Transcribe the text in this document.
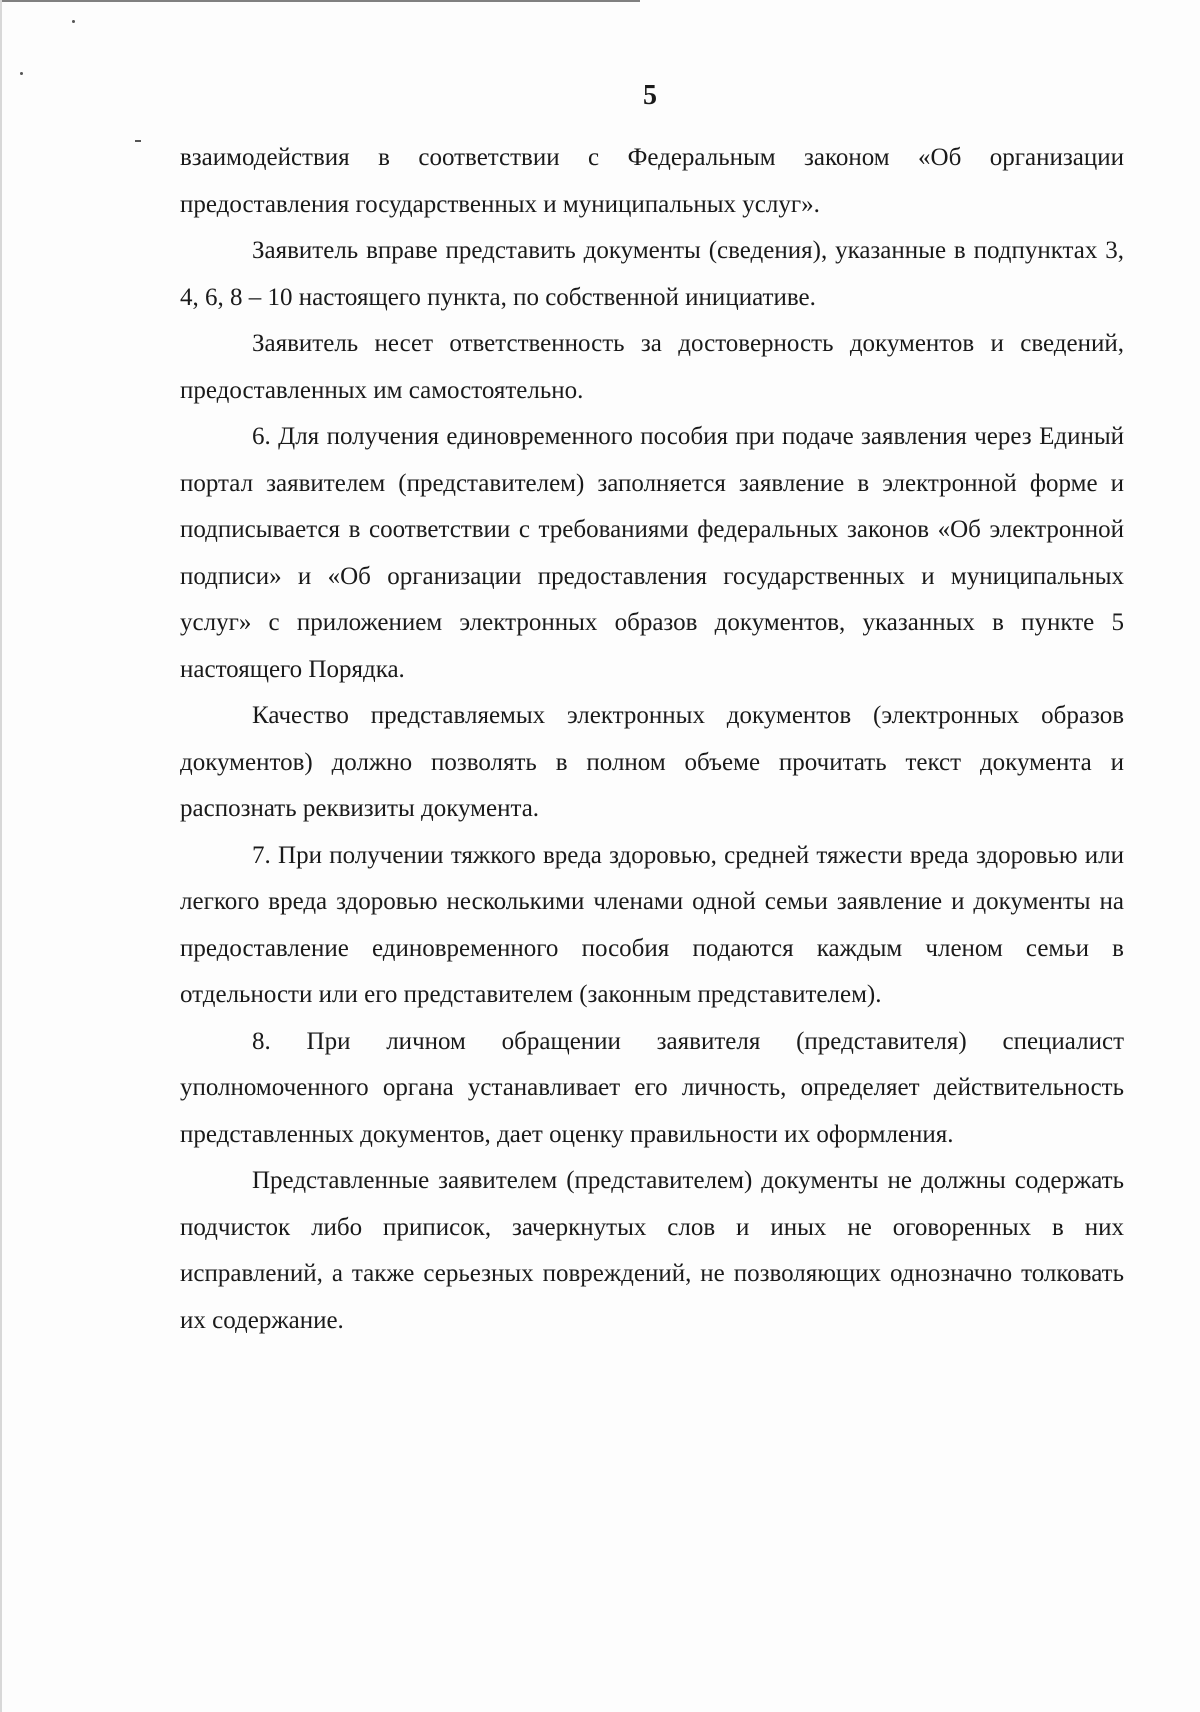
5

взаимодействия в соответствии с Федеральным законом «Об организации предоставления государственных и муниципальных услуг».

Заявитель вправе представить документы (сведения), указанные в подпунктах 3, 4, 6, 8 – 10 настоящего пункта, по собственной инициативе.

Заявитель несет ответственность за достоверность документов и сведений, предоставленных им самостоятельно.

6. Для получения единовременного пособия при подаче заявления через Единый портал заявителем (представителем) заполняется заявление в электронной форме и подписывается в соответствии с требованиями федеральных законов «Об электронной подписи» и «Об организации предоставления государственных и муниципальных услуг» с приложением электронных образов документов, указанных в пункте 5 настоящего Порядка.

Качество представляемых электронных документов (электронных образов документов) должно позволять в полном объеме прочитать текст документа и распознать реквизиты документа.

7. При получении тяжкого вреда здоровью, средней тяжести вреда здоровью или легкого вреда здоровью несколькими членами одной семьи заявление и документы на предоставление единовременного пособия подаются каждым членом семьи в отдельности или его представителем (законным представителем).

8. При личном обращении заявителя (представителя) специалист уполномоченного органа устанавливает его личность, определяет действительность представленных документов, дает оценку правильности их оформления.

Представленные заявителем (представителем) документы не должны содержать подчисток либо приписок, зачеркнутых слов и иных не оговоренных в них исправлений, а также серьезных повреждений, не позволяющих однозначно толковать их содержание.
